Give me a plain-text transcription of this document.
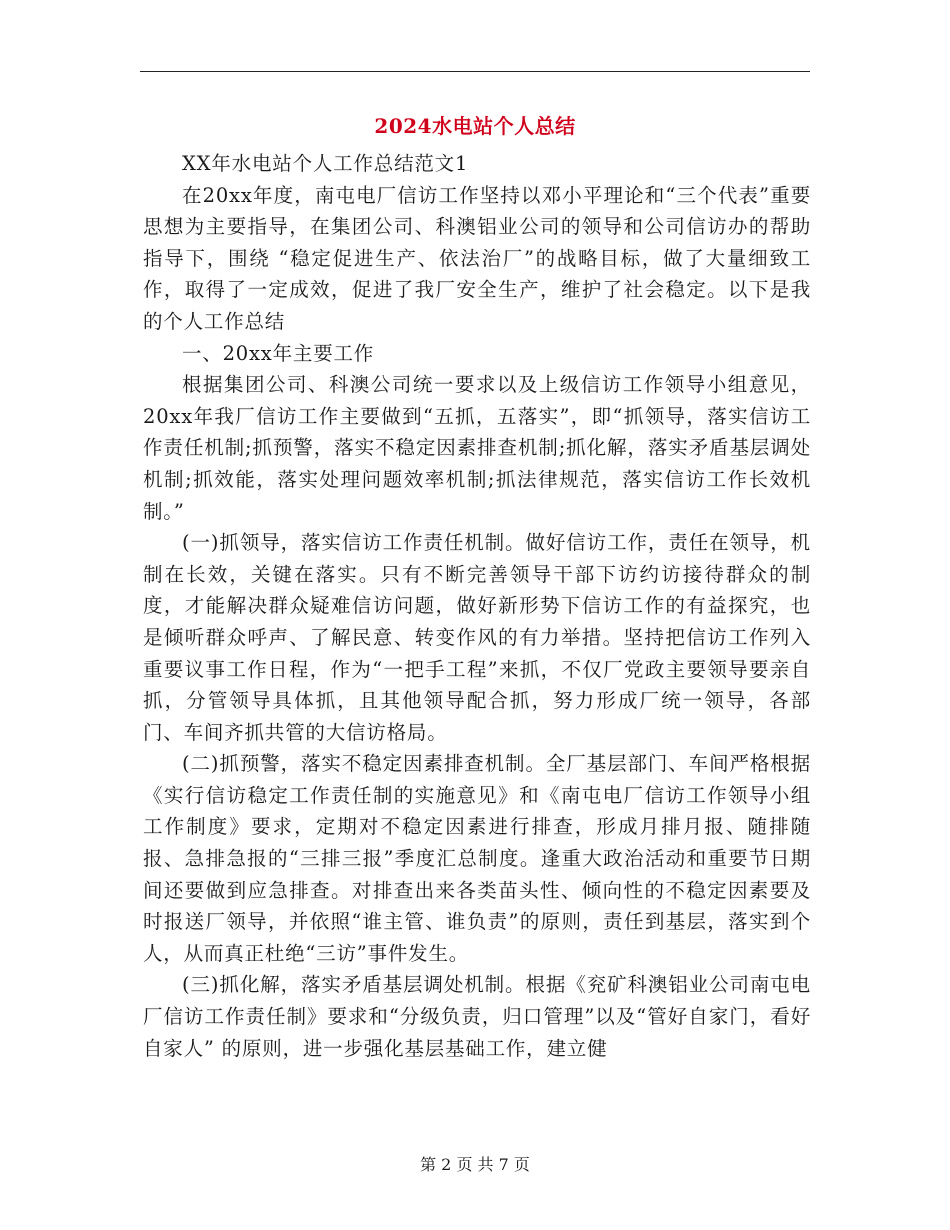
2024水电站个人总结

XX年水电站个人工作总结范文1

在20xx年度，南屯电厂信访工作坚持以邓小平理论和“三个代表”重要思想为主要指导，在集团公司、科澳铝业公司的领导和公司信访办的帮助指导下，围绕 “稳定促进生产、依法治厂”的战略目标，做了大量细致工作，取得了一定成效，促进了我厂安全生产，维护了社会稳定。以下是我的个人工作总结

一、20xx年主要工作

根据集团公司、科澳公司统一要求以及上级信访工作领导小组意见，20xx年我厂信访工作主要做到“五抓，五落实”，即“抓领导，落实信访工作责任机制;抓预警，落实不稳定因素排查机制;抓化解，落实矛盾基层调处机制;抓效能，落实处理问题效率机制;抓法律规范，落实信访工作长效机制。”

(一)抓领导，落实信访工作责任机制。做好信访工作，责任在领导，机制在长效，关键在落实。只有不断完善领导干部下访约访接待群众的制度，才能解决群众疑难信访问题，做好新形势下信访工作的有益探究，也是倾听群众呼声、了解民意、转变作风的有力举措。坚持把信访工作列入重要议事工作日程，作为“一把手工程”来抓，不仅厂党政主要领导要亲自抓，分管领导具体抓，且其他领导配合抓，努力形成厂统一领导，各部门、车间齐抓共管的大信访格局。

(二)抓预警，落实不稳定因素排查机制。全厂基层部门、车间严格根据《实行信访稳定工作责任制的实施意见》和《南屯电厂信访工作领导小组工作制度》要求，定期对不稳定因素进行排查，形成月排月报、随排随报、急排急报的“三排三报”季度汇总制度。逢重大政治活动和重要节日期间还要做到应急排查。对排查出来各类苗头性、倾向性的不稳定因素要及时报送厂领导，并依照“谁主管、谁负责”的原则，责任到基层，落实到个人，从而真正杜绝“三访”事件发生。

(三)抓化解，落实矛盾基层调处机制。根据《兖矿科澳铝业公司南屯电厂信访工作责任制》要求和“分级负责，归口管理”以及“管好自家门，看好自家人” 的原则，进一步强化基层基础工作，建立健

第 2 页 共 7 页
